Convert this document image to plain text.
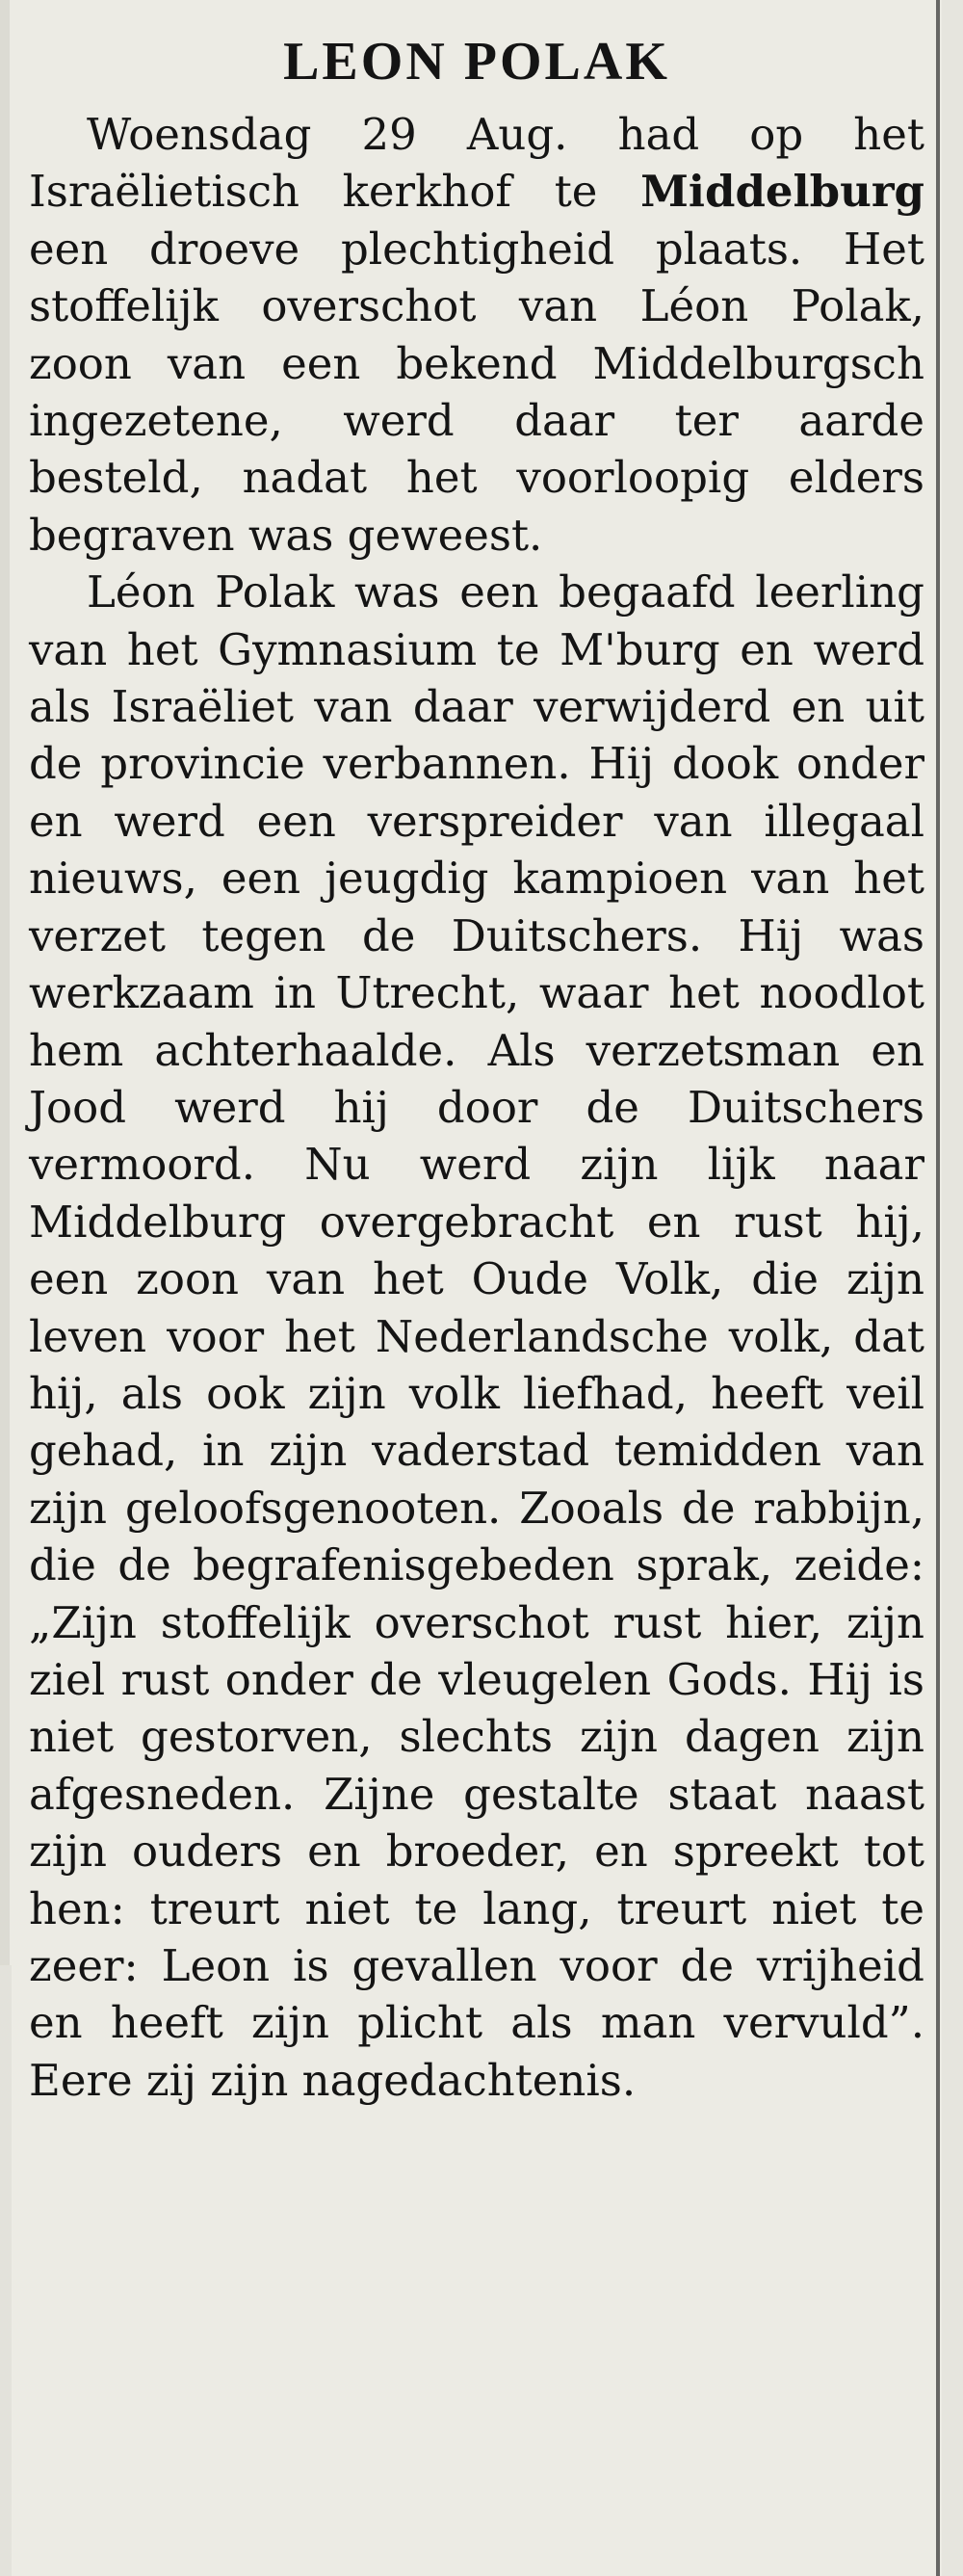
LEON POLAK

Woensdag 29 Aug. had op het Israëlietisch kerkhof te Middelburg een droeve plechtigheid plaats. Het stoffelijk overschot van Léon Polak, zoon van een bekend Middelburgsch ingezetene, werd daar ter aarde besteld, nadat het voorloopig elders begraven was geweest.

Léon Polak was een begaafd leerling van het Gymnasium te M'burg en werd als Israëliet van daar verwijderd en uit de provincie verbannen. Hij dook onder en werd een verspreider van illegaal nieuws, een jeugdig kampioen van het verzet tegen de Duitschers. Hij was werkzaam in Utrecht, waar het noodlot hem achterhaalde. Als verzetsman en Jood werd hij door de Duitschers vermoord. Nu werd zijn lijk naar Middelburg overgebracht en rust hij, een zoon van het Oude Volk, die zijn leven voor het Nederlandsche volk, dat hij, als ook zijn volk liefhad, heeft veil gehad, in zijn vaderstad temidden van zijn geloofsgenooten. Zooals de rabbijn, die de begrafenisgebeden sprak, zeide: „Zijn stoffelijk overschot rust hier, zijn ziel rust onder de vleugelen Gods. Hij is niet gestorven, slechts zijn dagen zijn afgesneden. Zijne gestalte staat naast zijn ouders en broeder, en spreekt tot hen: treurt niet te lang, treurt niet te zeer: Leon is gevallen voor de vrijheid en heeft zijn plicht als man vervuld”. Eere zij zijn nagedachtenis.
